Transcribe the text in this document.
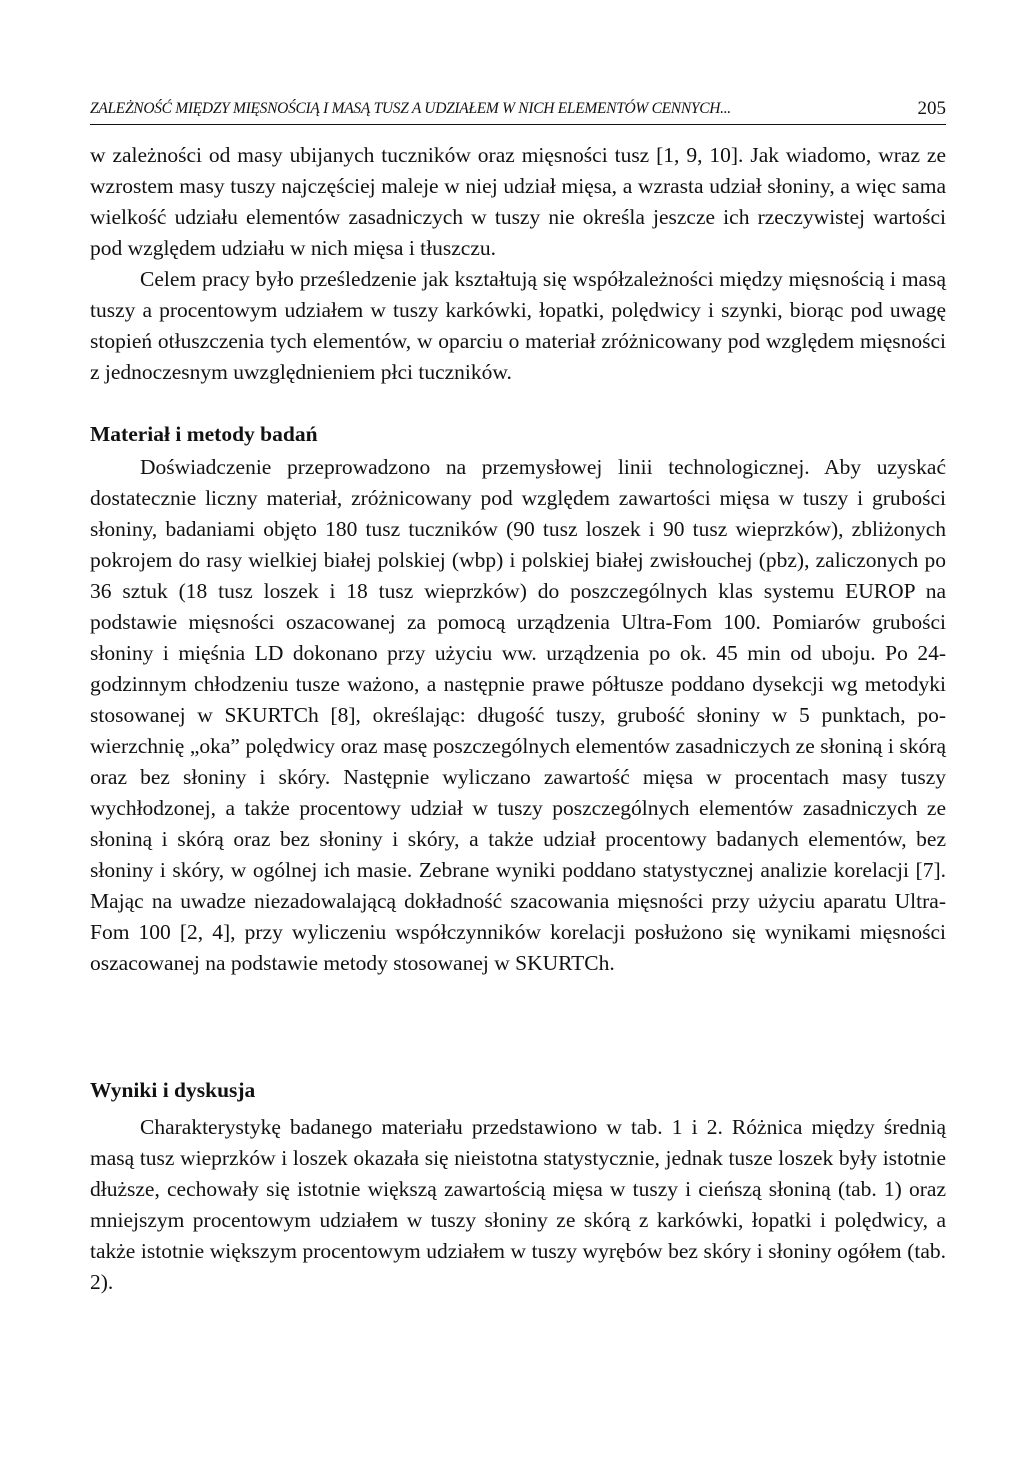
ZALEŻNOŚĆ MIĘDZY MIĘSNOŚCIĄ I MASĄ TUSZ A UDZIAŁEM W NICH ELEMENTÓW CENNYCH...	205

w zależności od masy ubijanych tuczników oraz mięsności tusz [1, 9, 10]. Jak wiadomo, wraz ze wzrostem masy tuszy najczęściej maleje w niej udział mięsa, a wzrasta udział słoniny, a więc sama wielkość udziału elementów zasadniczych w tuszy nie określa jeszcze ich rzeczywistej wartości pod względem udziału w nich mięsa i tłuszczu.

Celem pracy było prześledzenie jak kształtują się współzależności między mięsnością i masą tuszy a procentowym udziałem w tuszy karkówki, łopatki, polędwicy i szynki, biorąc pod uwagę stopień otłuszczenia tych elementów, w oparciu o materiał zróżnicowany pod względem mięsności z jednoczesnym uwzględnieniem płci tuczników.

Materiał i metody badań

Doświadczenie przeprowadzono na przemysłowej linii technologicznej. Aby uzyskać dostatecznie liczny materiał, zróżnicowany pod względem zawartości mięsa w tuszy i grubości słoniny, badaniami objęto 180 tusz tuczników (90 tusz loszek i 90 tusz wieprzków), zbliżonych pokrojem do rasy wielkiej białej polskiej (wbp) i polskiej białej zwisłouchej (pbz), zaliczonych po 36 sztuk (18 tusz loszek i 18 tusz wieprzków) do poszczególnych klas systemu EUROP na podstawie mięsności oszacowanej za pomocą urządzenia Ultra-Fom 100. Pomiarów grubości słoniny i mięśnia LD dokonano przy użyciu ww. urządzenia po ok. 45 min od uboju. Po 24-godzinnym chłodzeniu tusze ważono, a następnie prawe półtusze poddano dysekcji wg metodyki stosowanej w SKURTCh [8], określając: długość tuszy, grubość słoniny w 5 punktach, powierzchnię „oka” polędwicy oraz masę poszczególnych elementów zasadniczych ze słoniną i skórą oraz bez słoniny i skóry. Następnie wyliczano zawartość mięsa w procentach masy tuszy wychłodzonej, a także procentowy udział w tuszy poszczególnych elementów zasadniczych ze słoniną i skórą oraz bez słoniny i skóry, a także udział procentowy badanych elementów, bez słoniny i skóry, w ogólnej ich masie. Zebrane wyniki poddano statystycznej analizie korelacji [7]. Mając na uwadze niezadowalającą dokładność szacowania mięsności przy użyciu aparatu Ultra-Fom 100 [2, 4], przy wyliczeniu współczynników korelacji posłużono się wynikami mięsności oszacowanej na podstawie metody stosowanej w SKURTCh.

Wyniki i dyskusja

Charakterystykę badanego materiału przedstawiono w tab. 1 i 2. Różnica między średnią masą tusz wieprzków i loszek okazała się nieistotna statystycznie, jednak tusze loszek były istotnie dłuższe, cechowały się istotnie większą zawartością mięsa w tuszy i cieńszą słoniną (tab. 1) oraz mniejszym procentowym udziałem w tuszy słoniny ze skórą z karkówki, łopatki i polędwicy, a także istotnie większym procentowym udziałem w tuszy wyrębów bez skóry i słoniny ogółem (tab. 2).
